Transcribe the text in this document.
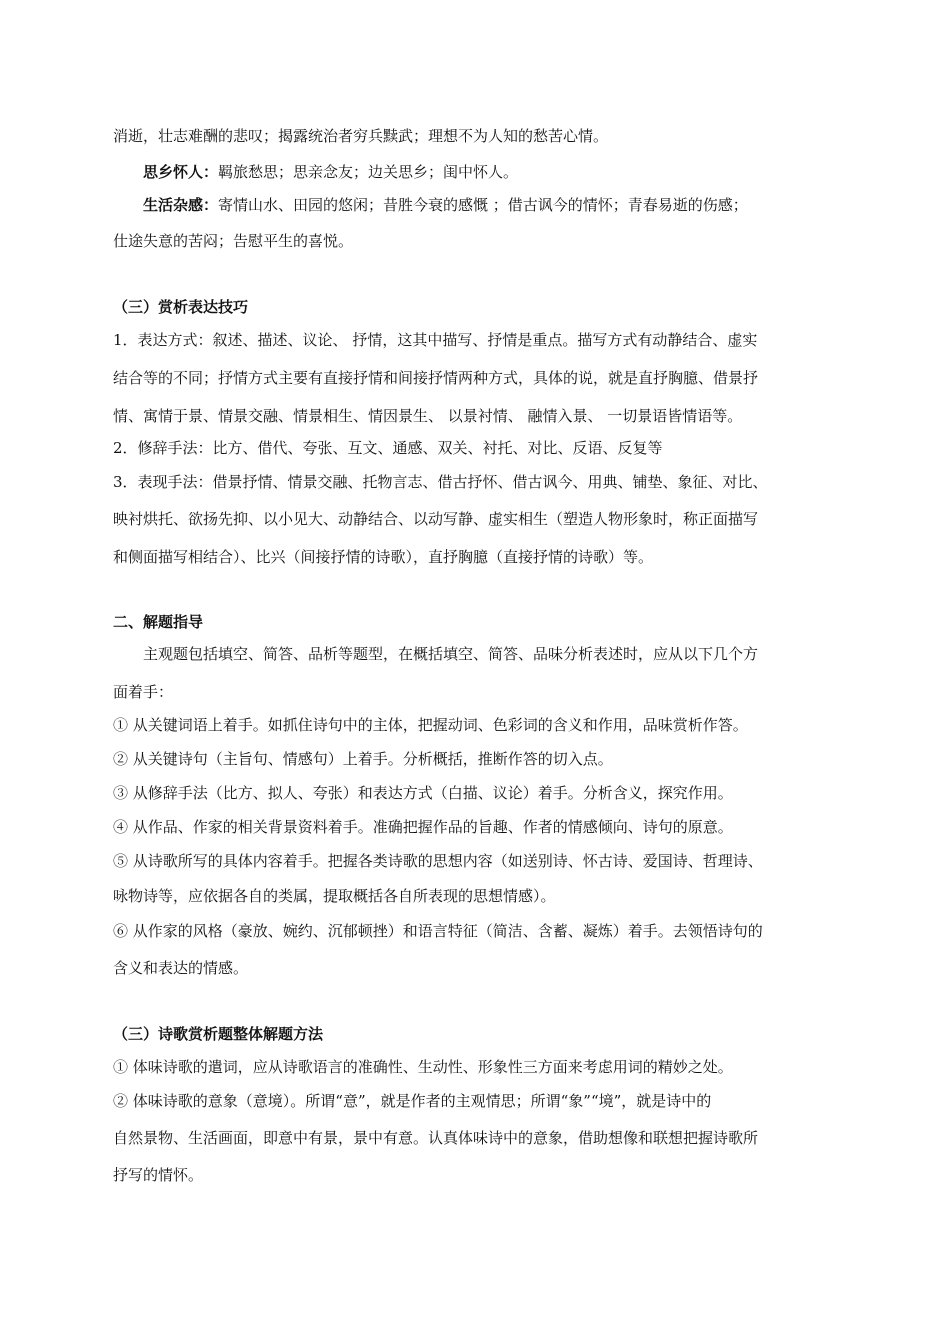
消逝，壮志难酬的悲叹；揭露统治者穷兵黩武；理想不为人知的愁苦心情。
思乡怀人：羁旅愁思；思亲念友；边关思乡；闺中怀人。
生活杂感：寄情山水、田园的悠闲；昔胜今衰的感慨 ；借古讽今的情怀；青春易逝的伤感；
仕途失意的苦闷；告慰平生的喜悦。
（三）赏析表达技巧
1．表达方式：叙述、描述、议论、 抒情，这其中描写、抒情是重点。描写方式有动静结合、虚实
结合等的不同；抒情方式主要有直接抒情和间接抒情两种方式，具体的说，就是直抒胸臆、借景抒
情、寓情于景、情景交融、情景相生、情因景生、 以景衬情、 融情入景、 一切景语皆情语等。
2．修辞手法：比方、借代、夸张、互文、通感、双关、衬托、对比、反语、反复等
3．表现手法：借景抒情、情景交融、托物言志、借古抒怀、借古讽今、用典、铺垫、象征、对比、
映衬烘托、欲扬先抑、以小见大、动静结合、以动写静、虚实相生（塑造人物形象时，称正面描写
和侧面描写相结合）、比兴（间接抒情的诗歌），直抒胸臆（直接抒情的诗歌）等。
二、解题指导
主观题包括填空、简答、品析等题型，在概括填空、简答、品味分析表述时，应从以下几个方
面着手：
① 从关键词语上着手。如抓住诗句中的主体，把握动词、色彩词的含义和作用，品味赏析作答。
② 从关键诗句（主旨句、情感句）上着手。分析概括，推断作答的切入点。
③ 从修辞手法（比方、拟人、夸张）和表达方式（白描、议论）着手。分析含义，探究作用。
④ 从作品、作家的相关背景资料着手。准确把握作品的旨趣、作者的情感倾向、诗句的原意。
⑤ 从诗歌所写的具体内容着手。把握各类诗歌的思想内容（如送别诗、怀古诗、爱国诗、哲理诗、
咏物诗等，应依据各自的类属，提取概括各自所表现的思想情感）。
⑥ 从作家的风格（豪放、婉约、沉郁顿挫）和语言特征（简洁、含蓄、凝炼）着手。去领悟诗句的
含义和表达的情感。
（三）诗歌赏析题整体解题方法
① 体味诗歌的遣词，应从诗歌语言的准确性、生动性、形象性三方面来考虑用词的精妙之处。
② 体味诗歌的意象（意境）。所谓“意”，就是作者的主观情思；所谓“象”“境”，就是诗中的
自然景物、生活画面，即意中有景，景中有意。认真体味诗中的意象，借助想像和联想把握诗歌所
抒写的情怀。
